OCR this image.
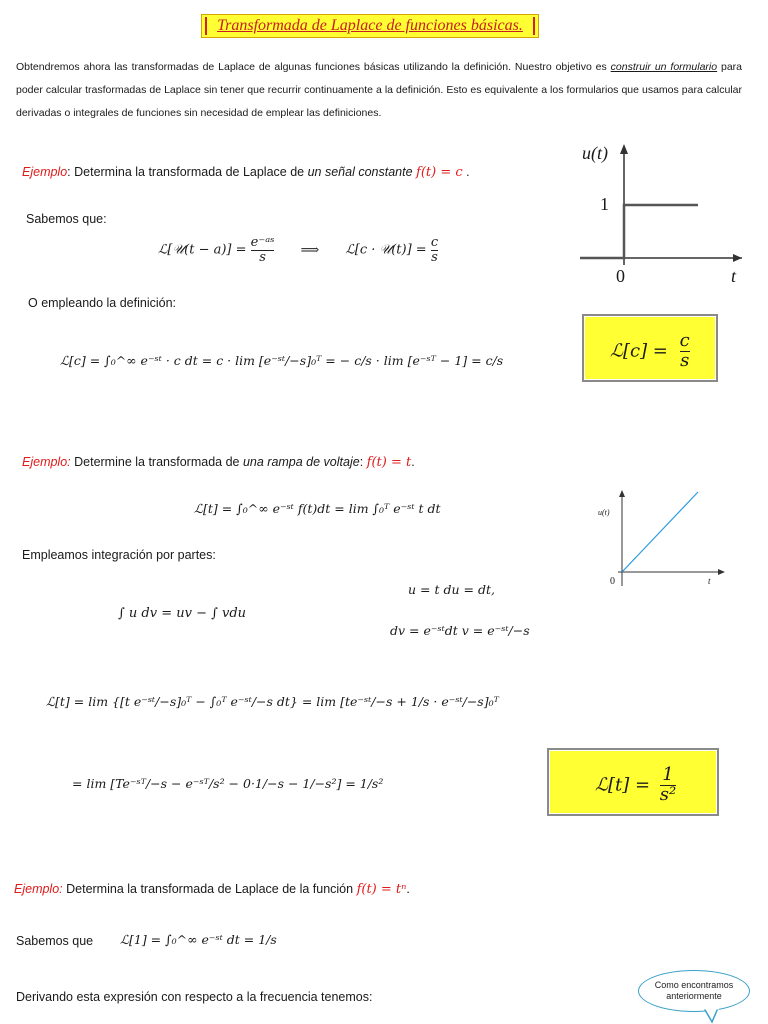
Transformada de Laplace de funciones básicas.
Obtendremos ahora las transformadas de Laplace de algunas funciones básicas utilizando la definición. Nuestro objetivo es construir un formulario para poder calcular trasformadas de Laplace sin tener que recurrir continuamente a la definición. Esto es equivalente a los formularios que usamos para calcular derivadas o integrales de funciones sin necesidad de emplear las definiciones.
Ejemplo: Determina la transformada de Laplace de un señal constante f(t) = c .
Sabemos que:
ℒ[𝒰(t − $a)] = \frac{\text{e⁻ᵃˢ}}{s}$ ⟹ ℒ[c · 𝒰(t)] = $\frac{c}{s}$
O empleando la definición:
ℒ[c] = ∫₀^∞ e⁻ˢᵗ · c dt = c · lim [e⁻ˢᵗ/−s]₀ᵀ = − c/s · lim [e⁻ˢᵀ − 1] = c/s	ℒ[c] = $\frac{c}{s}$
u(t)
1
0	t
Ejemplo: Determine la transformada de una rampa de voltaje: f(t) = t.
ℒ[t] = ∫₀^∞ e⁻ˢᵗ f(t)dt = lim ∫₀ᵀ e⁻ˢᵗ t dt
Empleamos integración por partes:
∫ u dv = uv − ∫ vdu
u = t du = dt,
dv = e⁻ˢᵗdt v = e⁻ˢᵗ/−s
ℒ[t] = lim {[t e⁻ˢᵗ/−s]₀ᵀ − ∫₀ᵀ e⁻ˢᵗ/−s dt} = lim [te⁻ˢᵗ/−s + 1/s · e⁻ˢᵗ/−s]₀ᵀ
= lim [Te⁻ˢᵀ/−s − e⁻ˢᵀ/s² − 0·1/−s − 1/−s²] = 1/s²	ℒ[t] = $\frac{1}{\text{s²}}$
u(t)
0	t
Ejemplo: Determina la transformada de Laplace de la función f(t) = tⁿ.
Sabemos que ℒ[1] = ∫₀^∞ e⁻ˢᵗ dt = 1/s
Derivando esta expresión con respecto a la frecuencia tenemos:
Como encontramos anteriormente
